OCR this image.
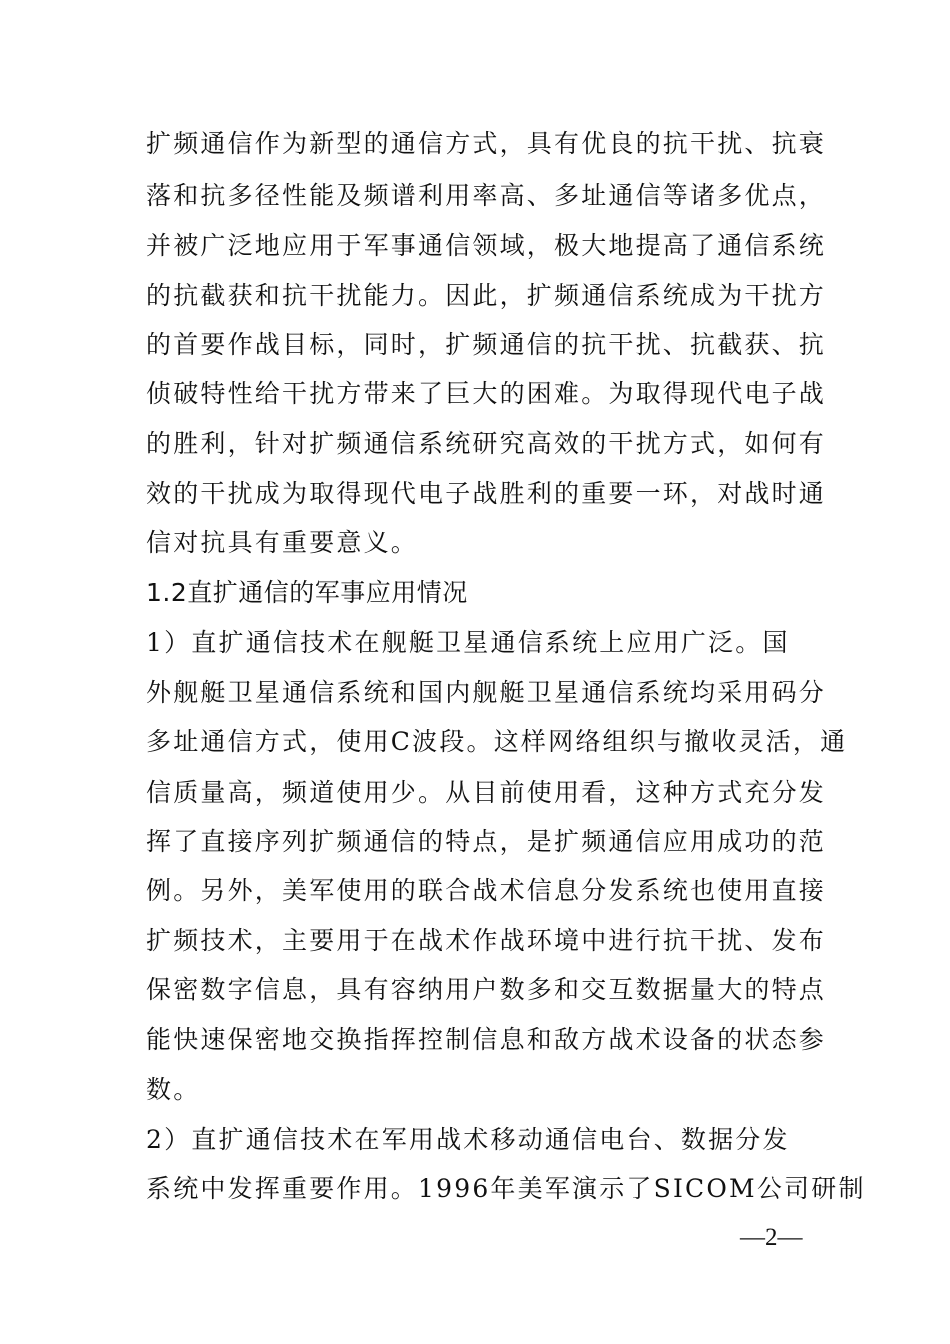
扩频通信作为新型的通信方式，具有优良的抗干扰、抗衰
落和抗多径性能及频谱利用率高、多址通信等诸多优点，
并被广泛地应用于军事通信领域，极大地提高了通信系统
的抗截获和抗干扰能力。因此，扩频通信系统成为干扰方
的首要作战目标，同时，扩频通信的抗干扰、抗截获、抗
侦破特性给干扰方带来了巨大的困难。为取得现代电子战
的胜利，针对扩频通信系统研究高效的干扰方式，如何有
效的干扰成为取得现代电子战胜利的重要一环，对战时通
信对抗具有重要意义。
1.2直扩通信的军事应用情况
1）直扩通信技术在舰艇卫星通信系统上应用广泛。国
外舰艇卫星通信系统和国内舰艇卫星通信系统均采用码分
多址通信方式，使用C波段。这样网络组织与撤收灵活，通
信质量高，频道使用少。从目前使用看，这种方式充分发
挥了直接序列扩频通信的特点，是扩频通信应用成功的范
例。另外，美军使用的联合战术信息分发系统也使用直接
扩频技术，主要用于在战术作战环境中进行抗干扰、发布
保密数字信息，具有容纳用户数多和交互数据量大的特点
能快速保密地交换指挥控制信息和敌方战术设备的状态参
数。
2）直扩通信技术在军用战术移动通信电台、数据分发
系统中发挥重要作用。1996年美军演示了SICOM公司研制
—2—
